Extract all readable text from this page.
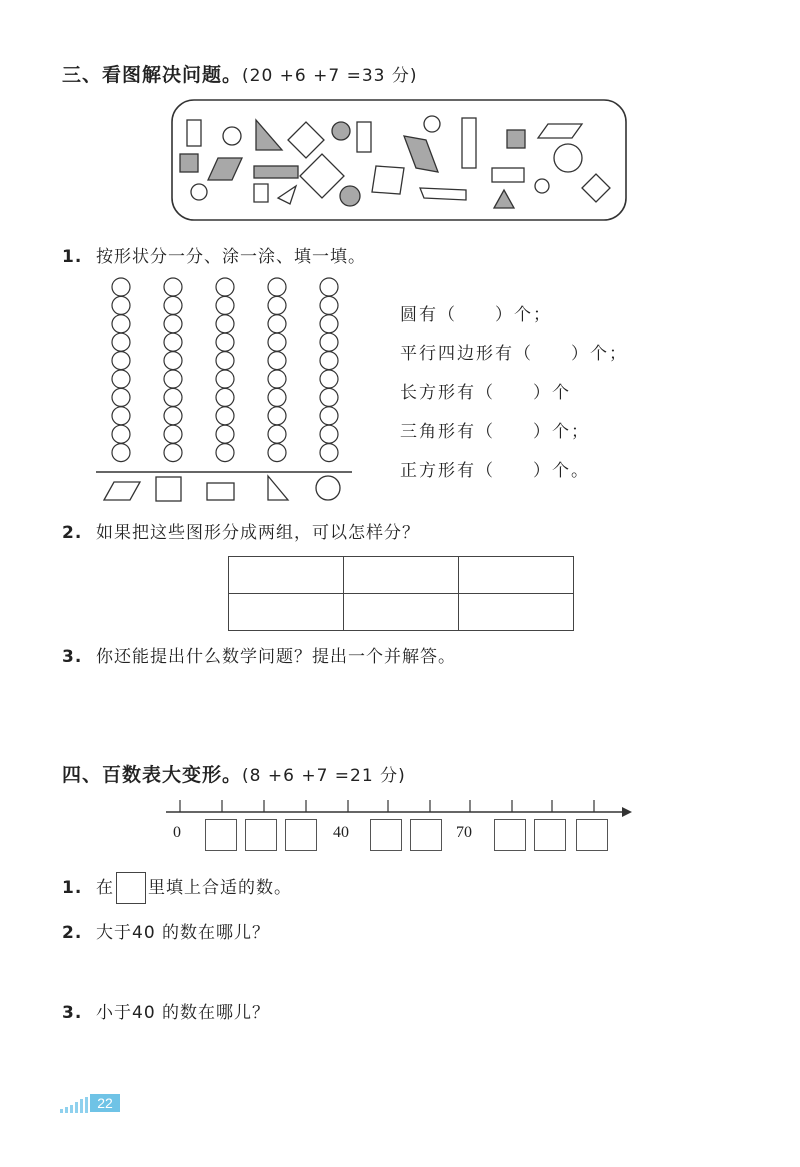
三、看图解决问题。(20 +6 +7 =33 分)
1. 按形状分一分、涂一涂、填一填。
圆有（　　）个；
平行四边形有（　　）个；
长方形有（　　）个
三角形有（　　）个；
正方形有（　　）个。
2. 如果把这些图形分成两组，可以怎样分？

3. 你还能提出什么数学问题？提出一个并解答。
四、百数表大变形。(8 +6 +7 =21 分)
0	40	70
1. 在 里填上合适的数。
2. 大于40 的数在哪儿？
3. 小于40 的数在哪儿？
22
